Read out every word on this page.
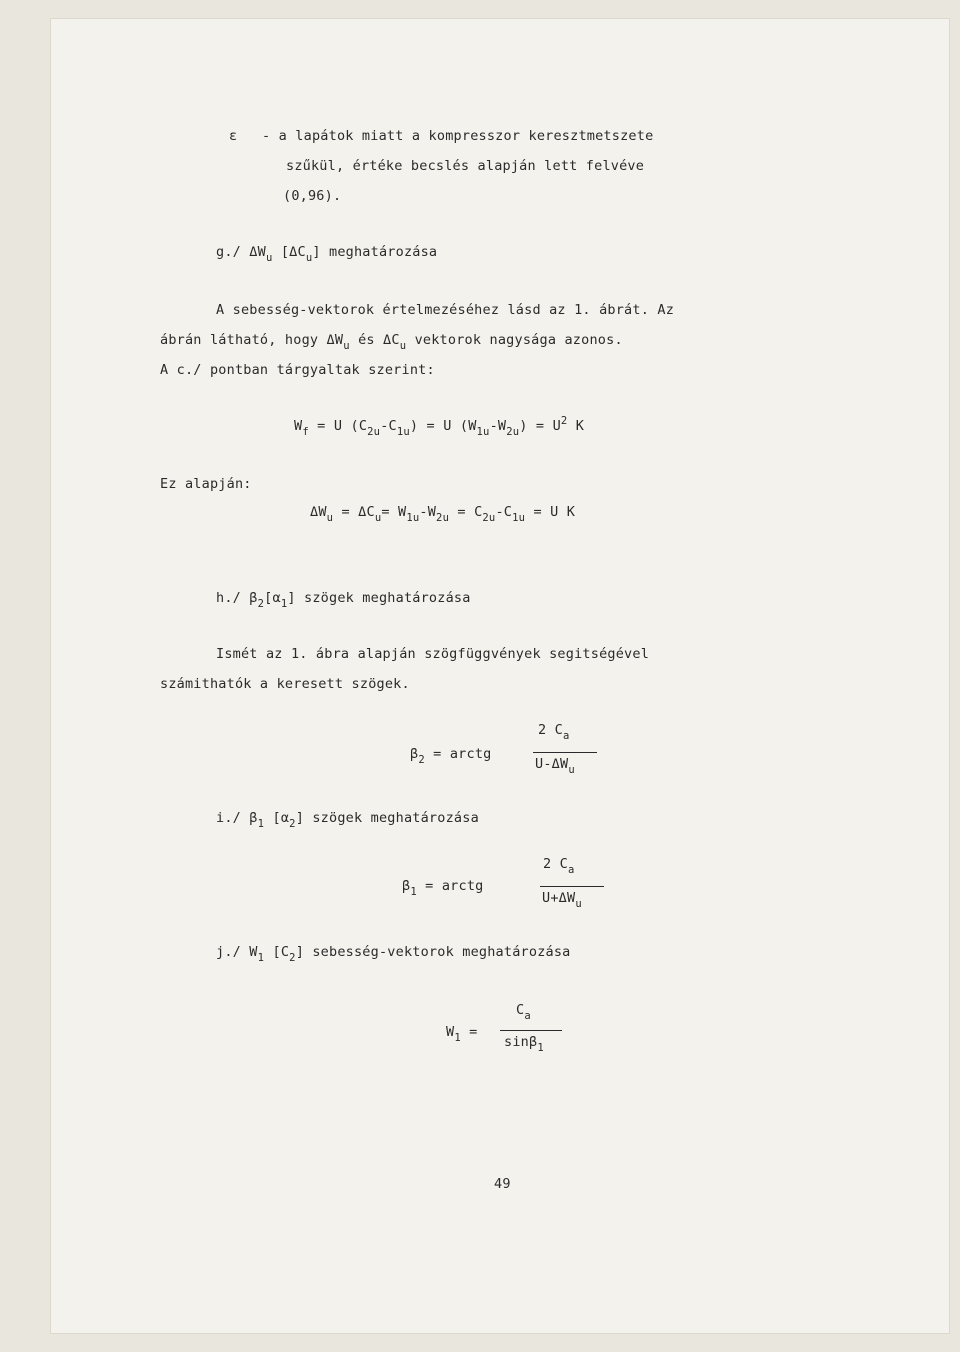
ε - a lapátok miatt a kompresszor keresztmetszete
szűkül, értéke becslés alapján lett felvéve
(0,96).
g./ $\Delta W_u$ $[\Delta C_u]$ meghatározása
A sebesség-vektorok értelmezéséhez lásd az 1. ábrát. Az
ábrán látható, hogy $\Delta W_u$ és $\Delta C_u$ vektorok nagysága azonos.
A c./ pontban tárgyaltak szerint:
$W_f = U$ $(C_{2u}-C_{1u}) = U$ $(W_{1u}-W_{2u}) = U^2$ K
Ez alapján:
$\Delta W_u = \Delta C_u= W_{1u}-W_{2u} = C_{2u}-C_{1u} = U$ K
h./ $\beta_2[\alpha_1]$ szögek meghatározása
Ismét az 1. ábra alapján szögfüggvények segitségével
számithatók a keresett szögek.
$\beta_2$ = arctg
2 $C_a$
$U-\Delta W_u$
i./ $\beta_1$ $[\alpha_2]$ szögek meghatározása
$\beta_1$ = arctg
2 $C_a$
$U+\Delta W_u$
j./ $W_1$ $[C_2]$ sebesség-vektorok meghatározása
$W_1$ =
$C_a$
sinβ$_1$
49
